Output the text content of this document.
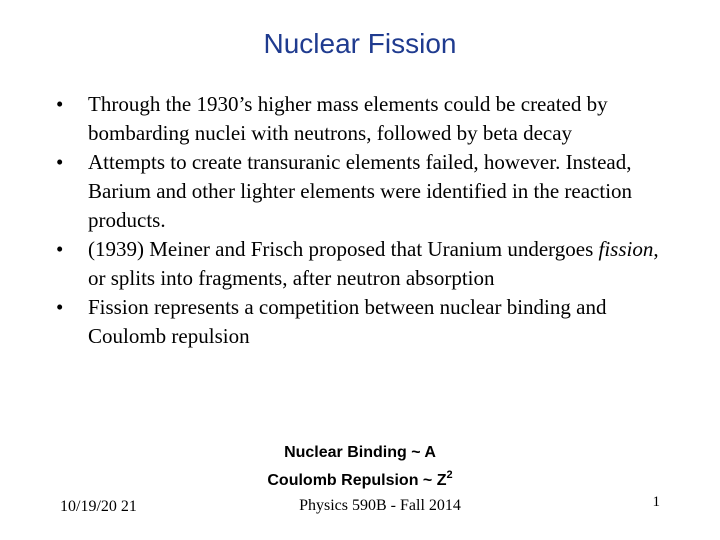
Nuclear Fission
•	Through the 1930’s higher mass elements could be created by bombarding nuclei with neutrons, followed by beta decay
•	Attempts to create transuranic elements failed, however. Instead, Barium and other lighter elements were identified in the reaction products.
•	(1939) Meiner and Frisch proposed that Uranium undergoes fission, or splits into fragments, after neutron absorption
•	Fission represents a competition between nuclear binding and Coulomb repulsion
Nuclear Binding ~ A
Coulomb Repulsion ~ $Z^2$
10/19/20 21	Physics 590B - Fall 2014	1
